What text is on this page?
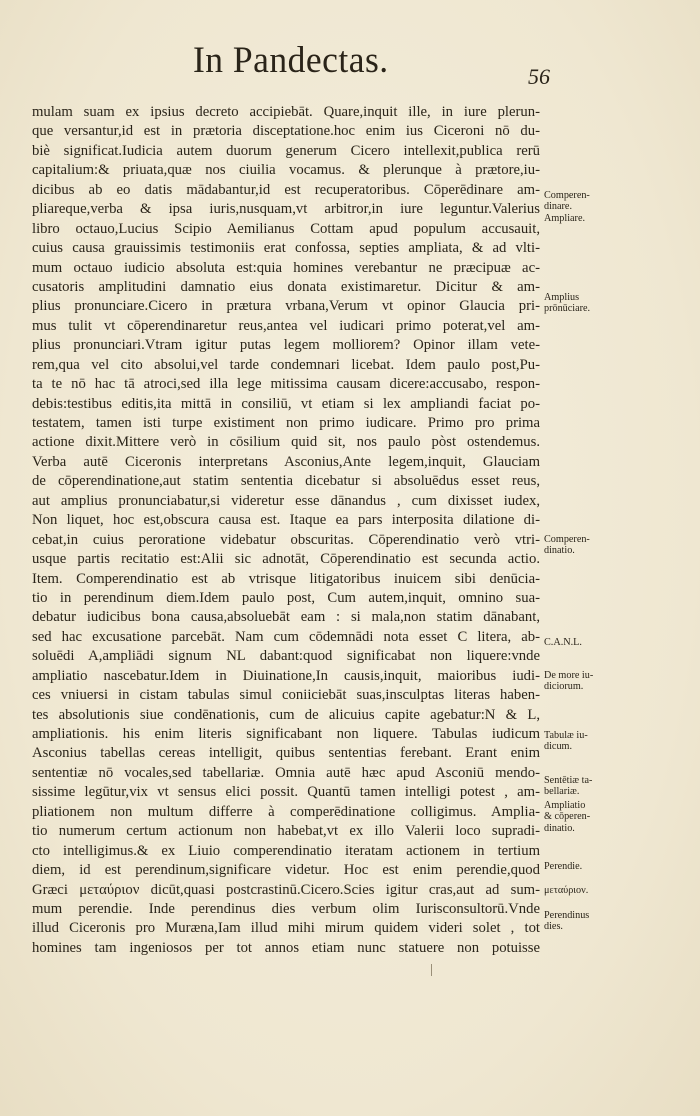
In Pandectas.	56
mulam suam ex ipsius decreto accipiebāt. Quare,inquit ille, in iure plerun-
que versantur,id est in prætoria disceptatione.hoc enim ius Ciceroni nō du-
biè significat.Iudicia autem duorum generum Cicero intellexit,publica rerū
capitalium:& priuata,quæ nos ciuilia vocamus. & plerunque à prætore,iu-
dicibus ab eo datis mādabantur,id est recuperatoribus. Cōperēdinare am-
pliareque,verba & ipsa iuris,nusquam,vt arbitror,in iure leguntur.Valerius
libro octauo,Lucius Scipio Aemilianus Cottam apud populum accusauit,
cuius causa grauissimis testimoniis erat confossa, septies ampliata, & ad vlti-
mum octauo iudicio absoluta est:quia homines verebantur ne præcipuæ ac-
cusatoris amplitudini damnatio eius donata existimaretur. Dicitur & am-
plius pronunciare.Cicero in prætura vrbana,Verum vt opinor Glaucia pri-
mus tulit vt cōperendinaretur reus,antea vel iudicari primo poterat,vel am-
plius pronunciari.Vtram igitur putas legem molliorem? Opinor illam vete-
rem,qua vel cito absolui,vel tarde condemnari licebat. Idem paulo post,Pu-
ta te nō hac tā atroci,sed illa lege mitissima causam dicere:accusabo, respon-
debis:testibus editis,ita mittā in consiliū, vt etiam si lex ampliandi faciat po-
testatem, tamen isti turpe existiment non primo iudicare. Primo pro prima
actione dixit.Mittere verò in cōsilium quid sit, nos paulo pòst ostendemus.
Verba autē Ciceronis interpretans Asconius,Ante legem,inquit, Glauciam
de cōperendinatione,aut statim sententia dicebatur si absoluēdus esset reus,
aut amplius pronunciabatur,si videretur esse dānandus , cum dixisset iudex,
Non liquet, hoc est,obscura causa est. Itaque ea pars interposita dilatione di-
cebat,in cuius peroratione videbatur obscuritas. Cōperendinatio verò vtri-
usque partis recitatio est:Alii sic adnotāt, Cōperendinatio est secunda actio.
Item. Comperendinatio est ab vtrisque litigatoribus inuicem sibi denūcia-
tio in perendinum diem.Idem paulo post, Cum autem,inquit, omnino sua-
debatur iudicibus bona causa,absoluebāt eam : si mala,non statim dānabant,
sed hac excusatione parcebāt. Nam cum cōdemnādi nota esset C litera, ab-
soluēdi A,ampliādi signum NL dabant:quod significabat non liquere:vnde
ampliatio nascebatur.Idem in Diuinatione,In causis,inquit, maioribus iudi-
ces vniuersi in cistam tabulas simul coniiciebāt suas,insculptas literas haben-
tes absolutionis siue condēnationis, cum de alicuius capite agebatur:N & L,
ampliationis. his enim literis significabant non liquere. Tabulas iudicum
Asconius tabellas cereas intelligit, quibus sententias ferebant. Erant enim
sententiæ nō vocales,sed tabellariæ. Omnia autē hæc apud Asconiū mendo-
sissime legūtur,vix vt sensus elici possit. Quantū tamen intelligi potest , am-
pliationem non multum differre à comperēdinatione colligimus. Amplia-
tio numerum certum actionum non habebat,vt ex illo Valerii loco supradi-
cto intelligimus.& ex Liuio comperendinatio iteratam actionem in tertium
diem, id est perendinum,significare videtur. Hoc est enim perendie,quod
Græci μεταύριον dicūt,quasi postcrastinū.Cicero.Scies igitur cras,aut ad sum-
mum perendie. Inde perendinus dies verbum olim Iurisconsultorū.Vnde
illud Ciceronis pro Muræna,Iam illud mihi mirum quidem videri solet , tot
homines tam ingeniosos per tot annos etiam nunc statuere non potuisse
Comperen-
dinare.
Ampliare.
Amplius
prōnūciare.
Comperen-
dinatio.
C.A.N.L.
De more iu-
diciorum.
Tabulæ iu-
dicum.
Sentētiæ ta-
bellariæ.
Ampliatio
& cōperen-
dinatio.
Perendie.
μεταύριον.
Perendinus
dies.
